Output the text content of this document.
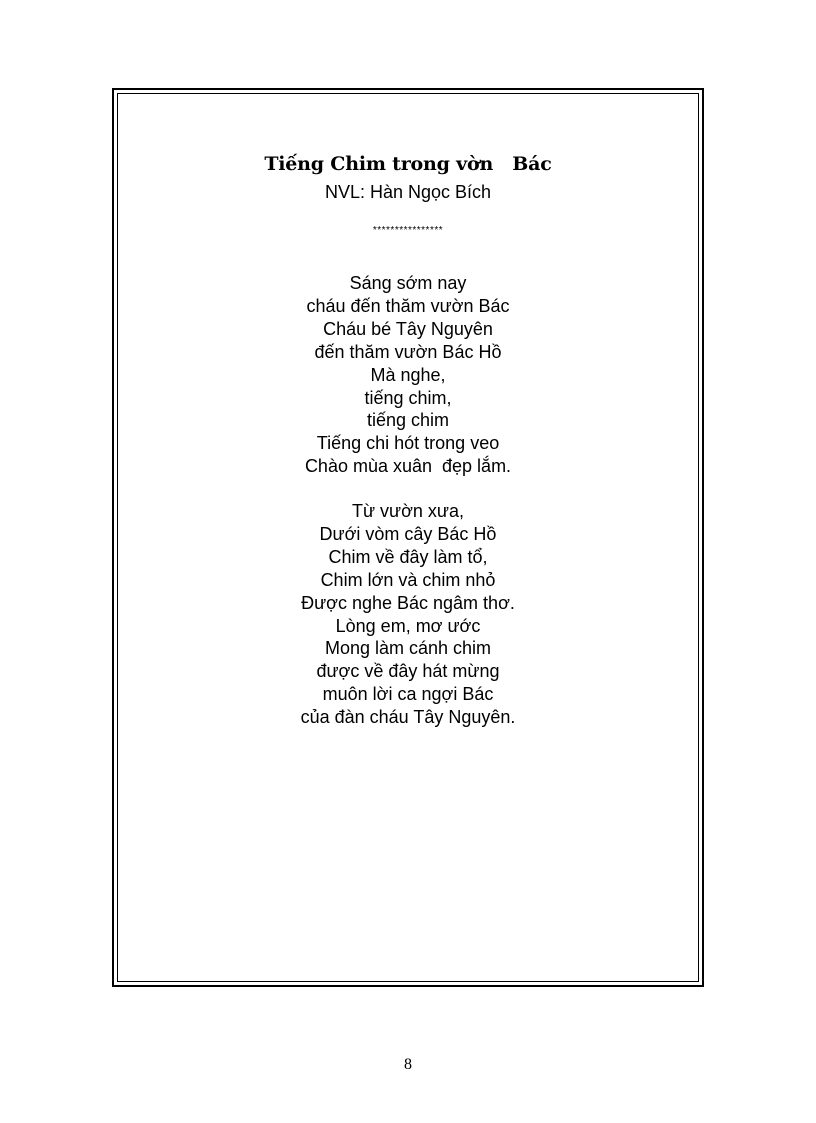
Tiếng Chim trong vờn   Bác
NVL: Hàn Ngọc Bích
****************
Sáng sớm nay
cháu đến thăm vườn Bác
Cháu bé Tây Nguyên
đến thăm vườn Bác Hồ
Mà nghe,
tiếng chim,
tiếng chim
Tiếng chi hót trong veo
Chào mùa xuân  đẹp lắm.
Từ vườn xưa,
Dưới vòm cây Bác Hồ
Chim về đây làm tổ,
Chim lớn và chim nhỏ
Được nghe Bác ngâm thơ.
Lòng em, mơ ước
Mong làm cánh chim
được về đây hát mừng
muôn lời ca ngợi Bác
của đàn cháu Tây Nguyên.
8
